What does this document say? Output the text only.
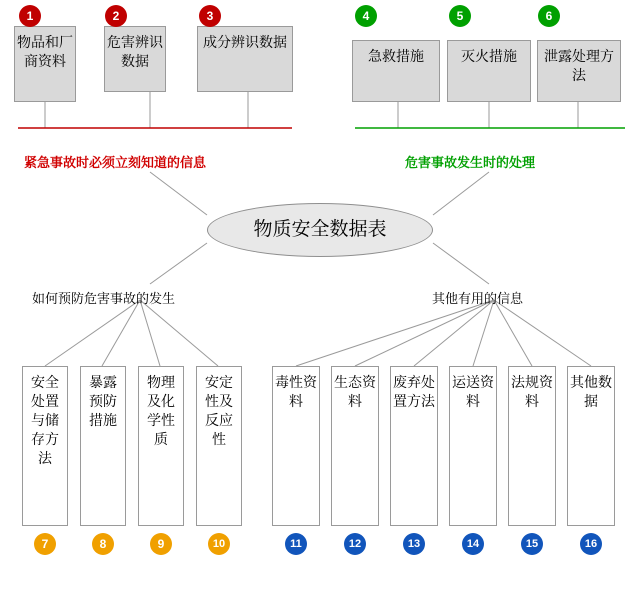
物品和厂商资料
1
危害辨识数据
2
成分辨识数据
3
急救措施
4
灭火措施
5
泄露处理方法
6
紧急事故时必须立刻知道的信息	危害事故发生时的处理
如何预防危害事故的发生	其他有用的信息
物质安全数据表
安全处置与储存方法
7
暴露预防措施
8
物理及化学性质
9
安定性及反应性
10
毒性资料
11
生态资料
12
废弃处置方法
13
运送资料
14
法规资料
15
其他数据
16
